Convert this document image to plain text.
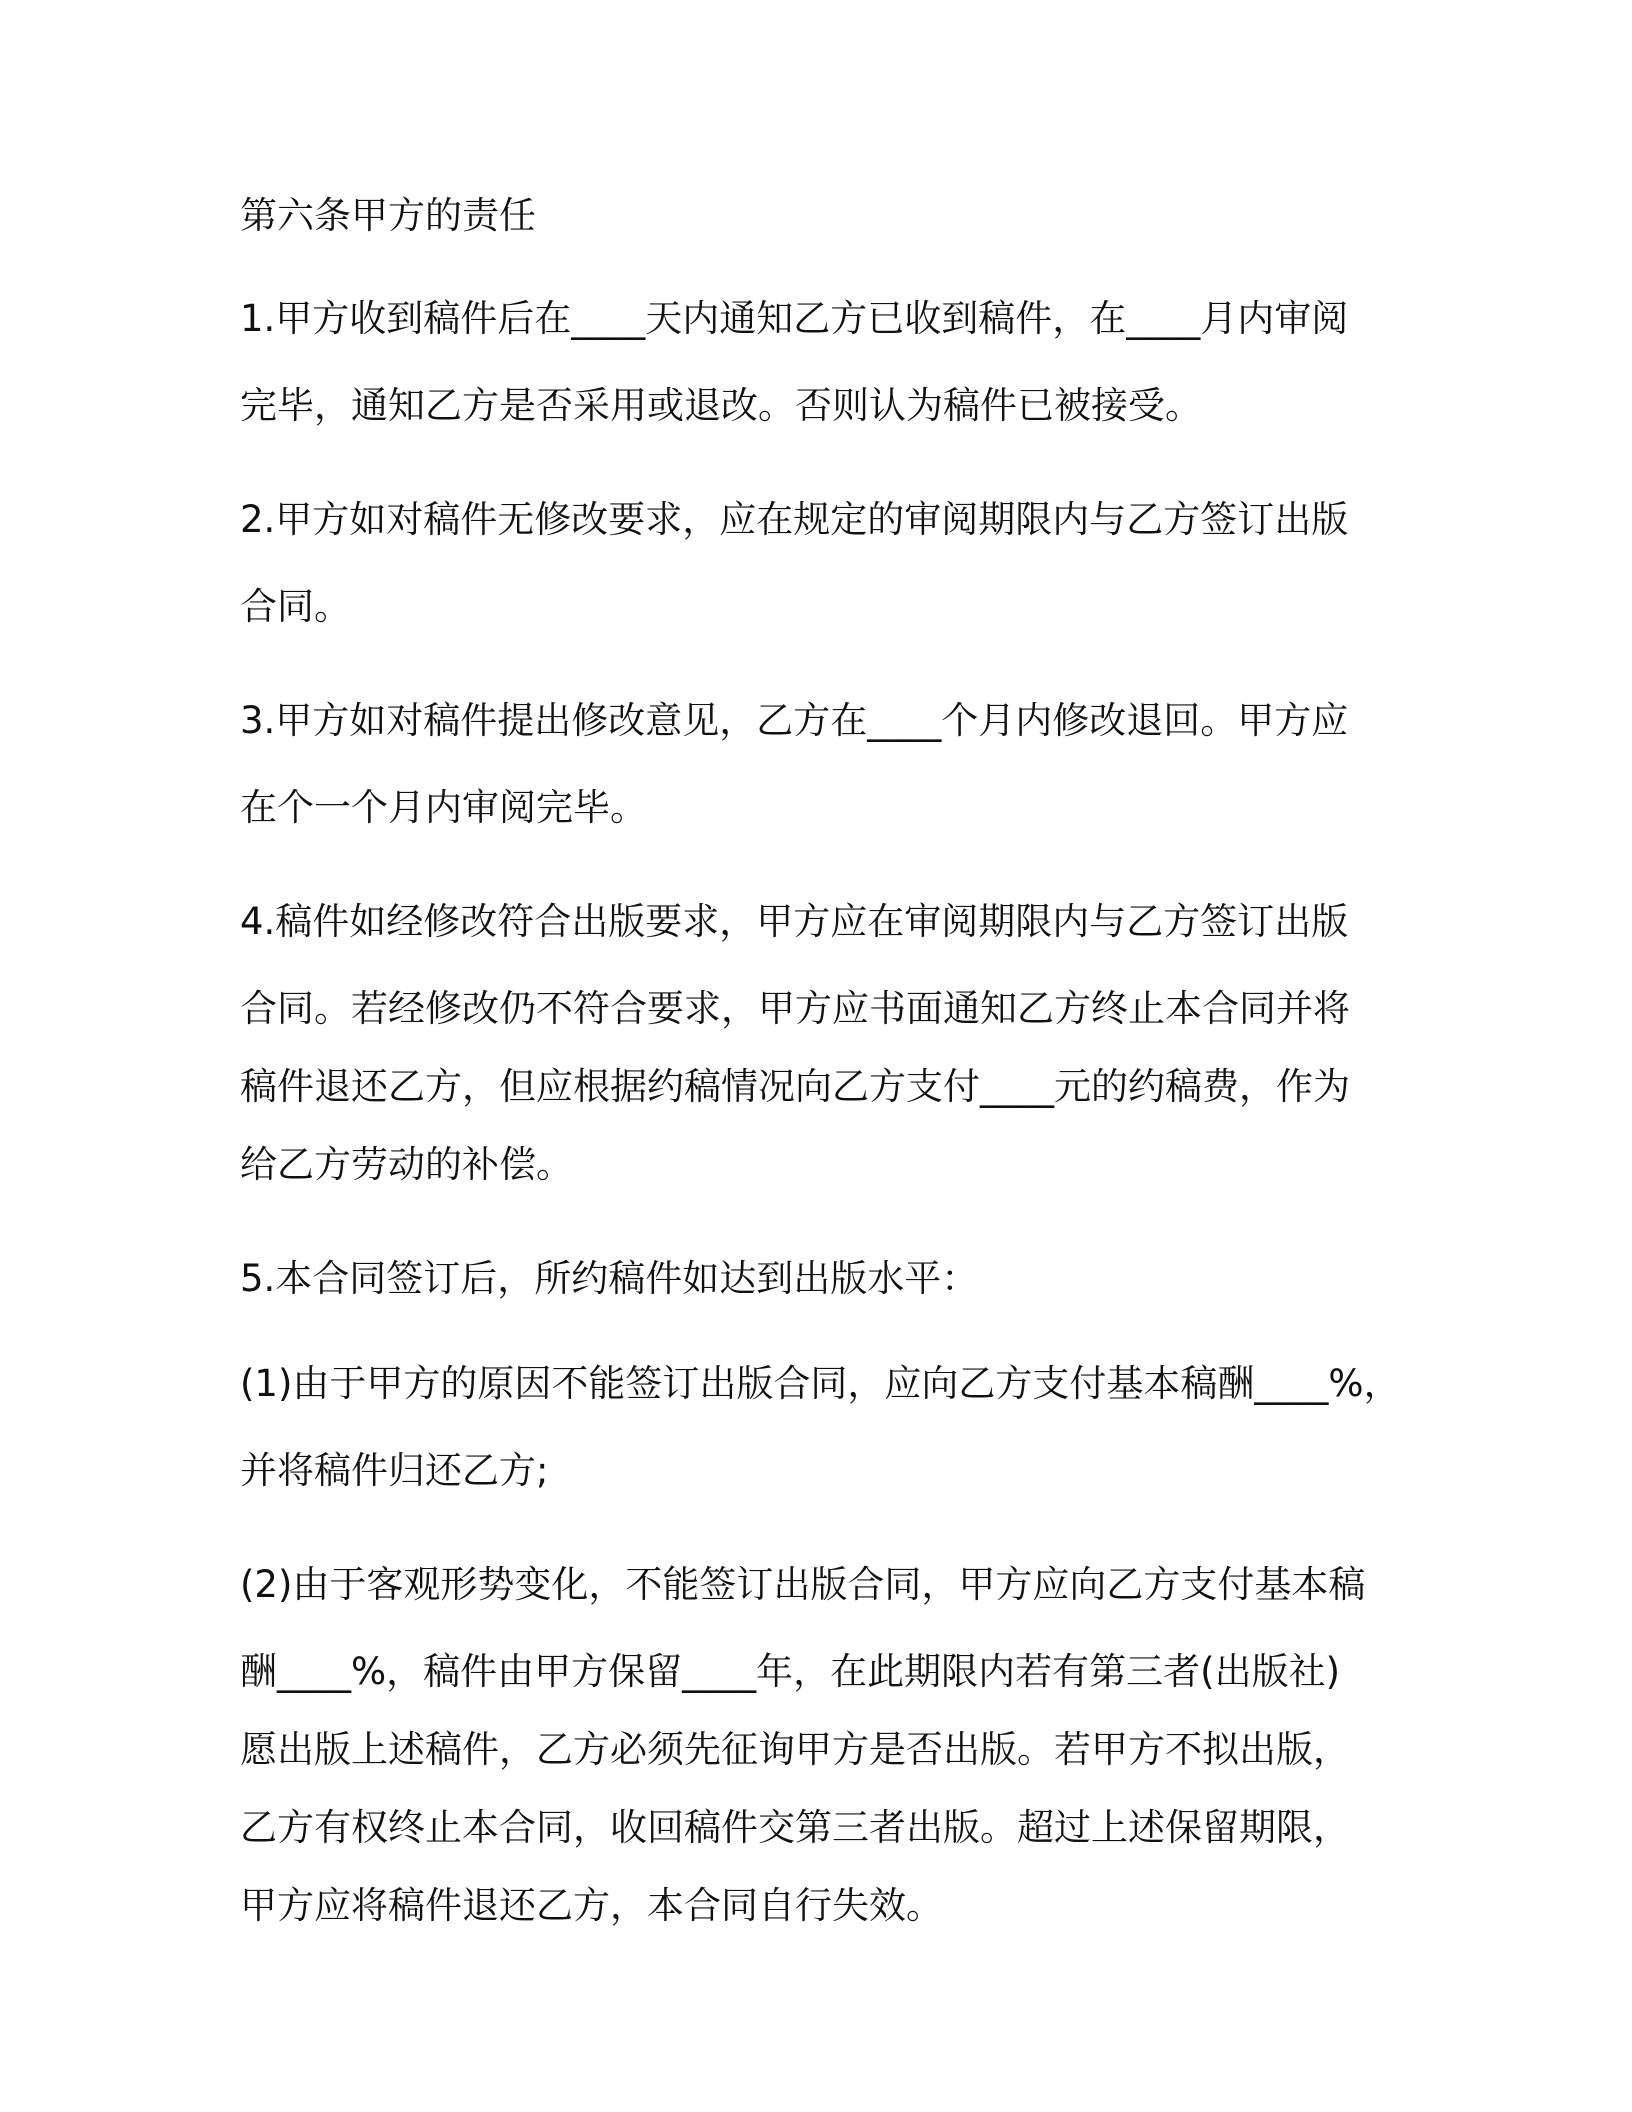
第六条甲方的责任
1.甲方收到稿件后在____天内通知乙方已收到稿件，在____月内审阅
完毕，通知乙方是否采用或退改。否则认为稿件已被接受。
2.甲方如对稿件无修改要求，应在规定的审阅期限内与乙方签订出版
合同。
3.甲方如对稿件提出修改意见，乙方在____个月内修改退回。甲方应
在个一个月内审阅完毕。
4.稿件如经修改符合出版要求，甲方应在审阅期限内与乙方签订出版
合同。若经修改仍不符合要求，甲方应书面通知乙方终止本合同并将
稿件退还乙方，但应根据约稿情况向乙方支付____元的约稿费，作为
给乙方劳动的补偿。
5.本合同签订后，所约稿件如达到出版水平：
(1)由于甲方的原因不能签订出版合同，应向乙方支付基本稿酬____%，
并将稿件归还乙方;
(2)由于客观形势变化，不能签订出版合同，甲方应向乙方支付基本稿
酬____%，稿件由甲方保留____年，在此期限内若有第三者(出版社)
愿出版上述稿件，乙方必须先征询甲方是否出版。若甲方不拟出版，
乙方有权终止本合同，收回稿件交第三者出版。超过上述保留期限，
甲方应将稿件退还乙方，本合同自行失效。
